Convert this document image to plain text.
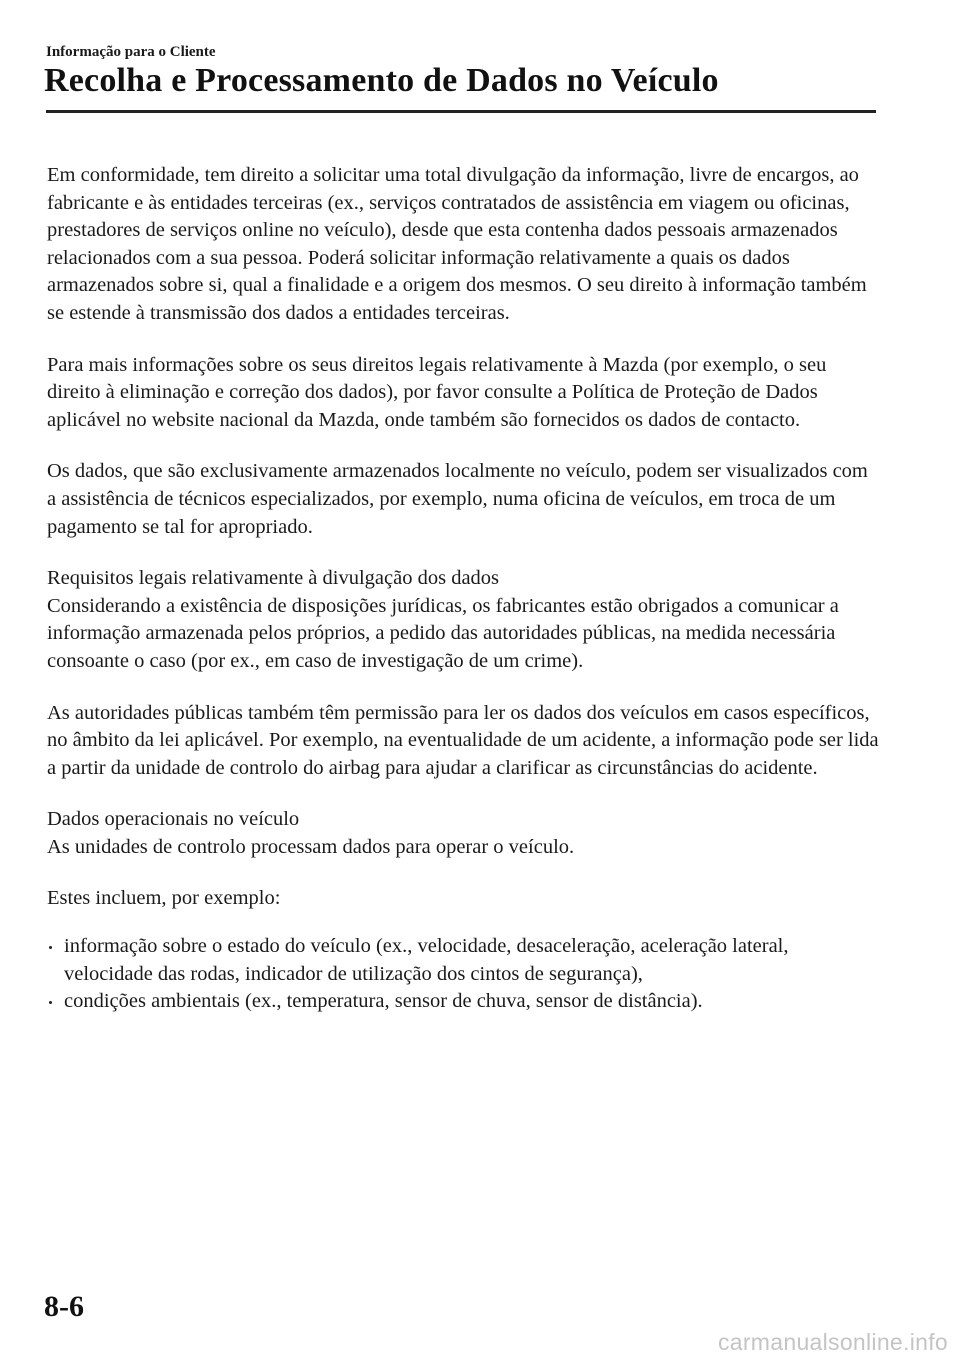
Informação para o Cliente
Recolha e Processamento de Dados no Veículo

Em conformidade, tem direito a solicitar uma total divulgação da informação, livre de encargos, ao fabricante e às entidades terceiras (ex., serviços contratados de assistência em viagem ou oficinas, prestadores de serviços online no veículo), desde que esta contenha dados pessoais armazenados relacionados com a sua pessoa. Poderá solicitar informação relativamente a quais os dados armazenados sobre si, qual a finalidade e a origem dos mesmos. O seu direito à informação também se estende à transmissão dos dados a entidades terceiras.

Para mais informações sobre os seus direitos legais relativamente à Mazda (por exemplo, o seu direito à eliminação e correção dos dados), por favor consulte a Política de Proteção de Dados aplicável no website nacional da Mazda, onde também são fornecidos os dados de contacto.

Os dados, que são exclusivamente armazenados localmente no veículo, podem ser visualizados com a assistência de técnicos especializados, por exemplo, numa oficina de veículos, em troca de um pagamento se tal for apropriado.

Requisitos legais relativamente à divulgação dos dados
Considerando a existência de disposições jurídicas, os fabricantes estão obrigados a comunicar a informação armazenada pelos próprios, a pedido das autoridades públicas, na medida necessária consoante o caso (por ex., em caso de investigação de um crime).

As autoridades públicas também têm permissão para ler os dados dos veículos em casos específicos, no âmbito da lei aplicável. Por exemplo, na eventualidade de um acidente, a informação pode ser lida a partir da unidade de controlo do airbag para ajudar a clarificar as circunstâncias do acidente.

Dados operacionais no veículo
As unidades de controlo processam dados para operar o veículo.

Estes incluem, por exemplo:

informação sobre o estado do veículo (ex., velocidade, desaceleração, aceleração lateral, velocidade das rodas, indicador de utilização dos cintos de segurança),
condições ambientais (ex., temperatura, sensor de chuva, sensor de distância).
8-6
carmanualsonline.info
